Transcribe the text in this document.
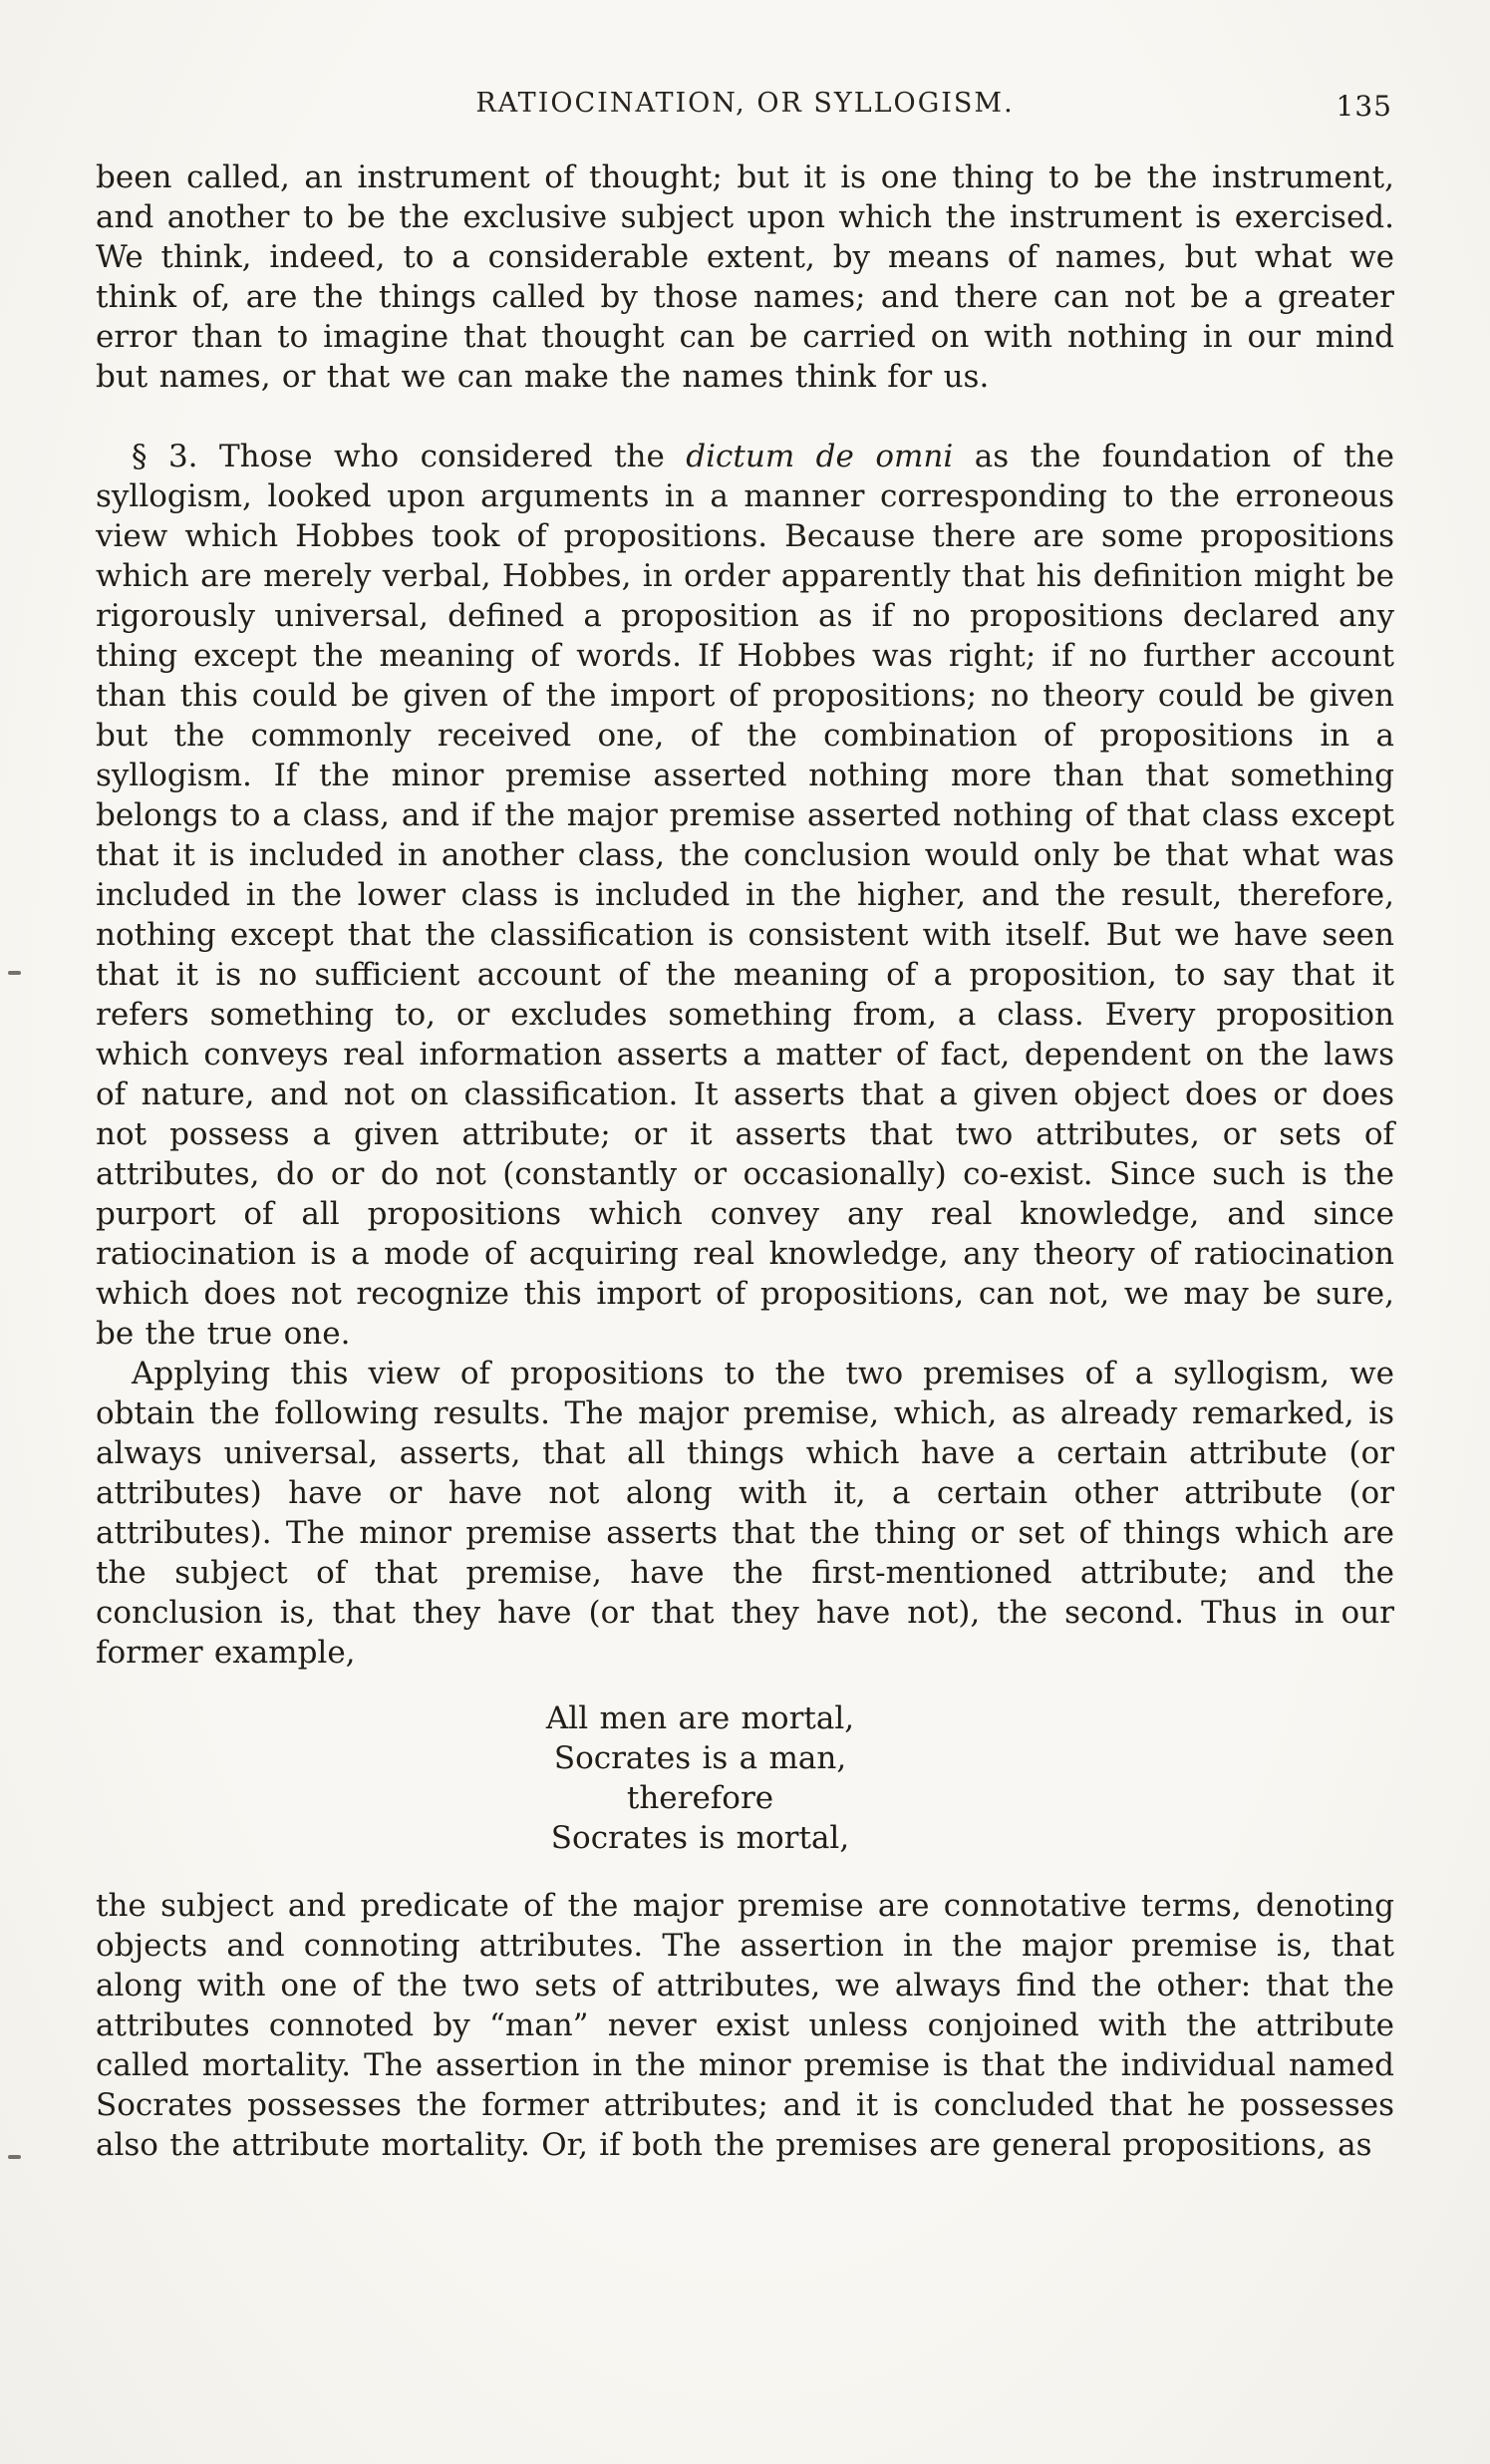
RATIOCINATION, OR SYLLOGISM.	135

been called, an instrument of thought; but it is one thing to be the instrument, and another to be the exclusive subject upon which the instrument is exercised. We think, indeed, to a considerable extent, by means of names, but what we think of, are the things called by those names; and there can not be a greater error than to imagine that thought can be carried on with nothing in our mind but names, or that we can make the names think for us.

§ 3. Those who considered the dictum de omni as the foundation of the syllogism, looked upon arguments in a manner corresponding to the erroneous view which Hobbes took of propositions. Because there are some propositions which are merely verbal, Hobbes, in order apparently that his definition might be rigorously universal, defined a proposition as if no propositions declared any thing except the meaning of words. If Hobbes was right; if no further account than this could be given of the import of propositions; no theory could be given but the commonly received one, of the combination of propositions in a syllogism. If the minor premise asserted nothing more than that something belongs to a class, and if the major premise asserted nothing of that class except that it is included in another class, the conclusion would only be that what was included in the lower class is included in the higher, and the result, therefore, nothing except that the classification is consistent with itself. But we have seen that it is no sufficient account of the meaning of a proposition, to say that it refers something to, or excludes something from, a class. Every proposition which conveys real information asserts a matter of fact, dependent on the laws of nature, and not on classification. It asserts that a given object does or does not possess a given attribute; or it asserts that two attributes, or sets of attributes, do or do not (constantly or occasionally) co-exist. Since such is the purport of all propositions which convey any real knowledge, and since ratiocination is a mode of acquiring real knowledge, any theory of ratiocination which does not recognize this import of propositions, can not, we may be sure, be the true one.

Applying this view of propositions to the two premises of a syllogism, we obtain the following results. The major premise, which, as already remarked, is always universal, asserts, that all things which have a certain attribute (or attributes) have or have not along with it, a certain other attribute (or attributes). The minor premise asserts that the thing or set of things which are the subject of that premise, have the first-mentioned attribute; and the conclusion is, that they have (or that they have not), the second. Thus in our former example,

All men are mortal,
Socrates is a man,
therefore
Socrates is mortal,

the subject and predicate of the major premise are connotative terms, denoting objects and connoting attributes. The assertion in the major premise is, that along with one of the two sets of attributes, we always find the other: that the attributes connoted by “man” never exist unless conjoined with the attribute called mortality. The assertion in the minor premise is that the individual named Socrates possesses the former attributes; and it is concluded that he possesses also the attribute mortality. Or, if both the premises are general propositions, as
